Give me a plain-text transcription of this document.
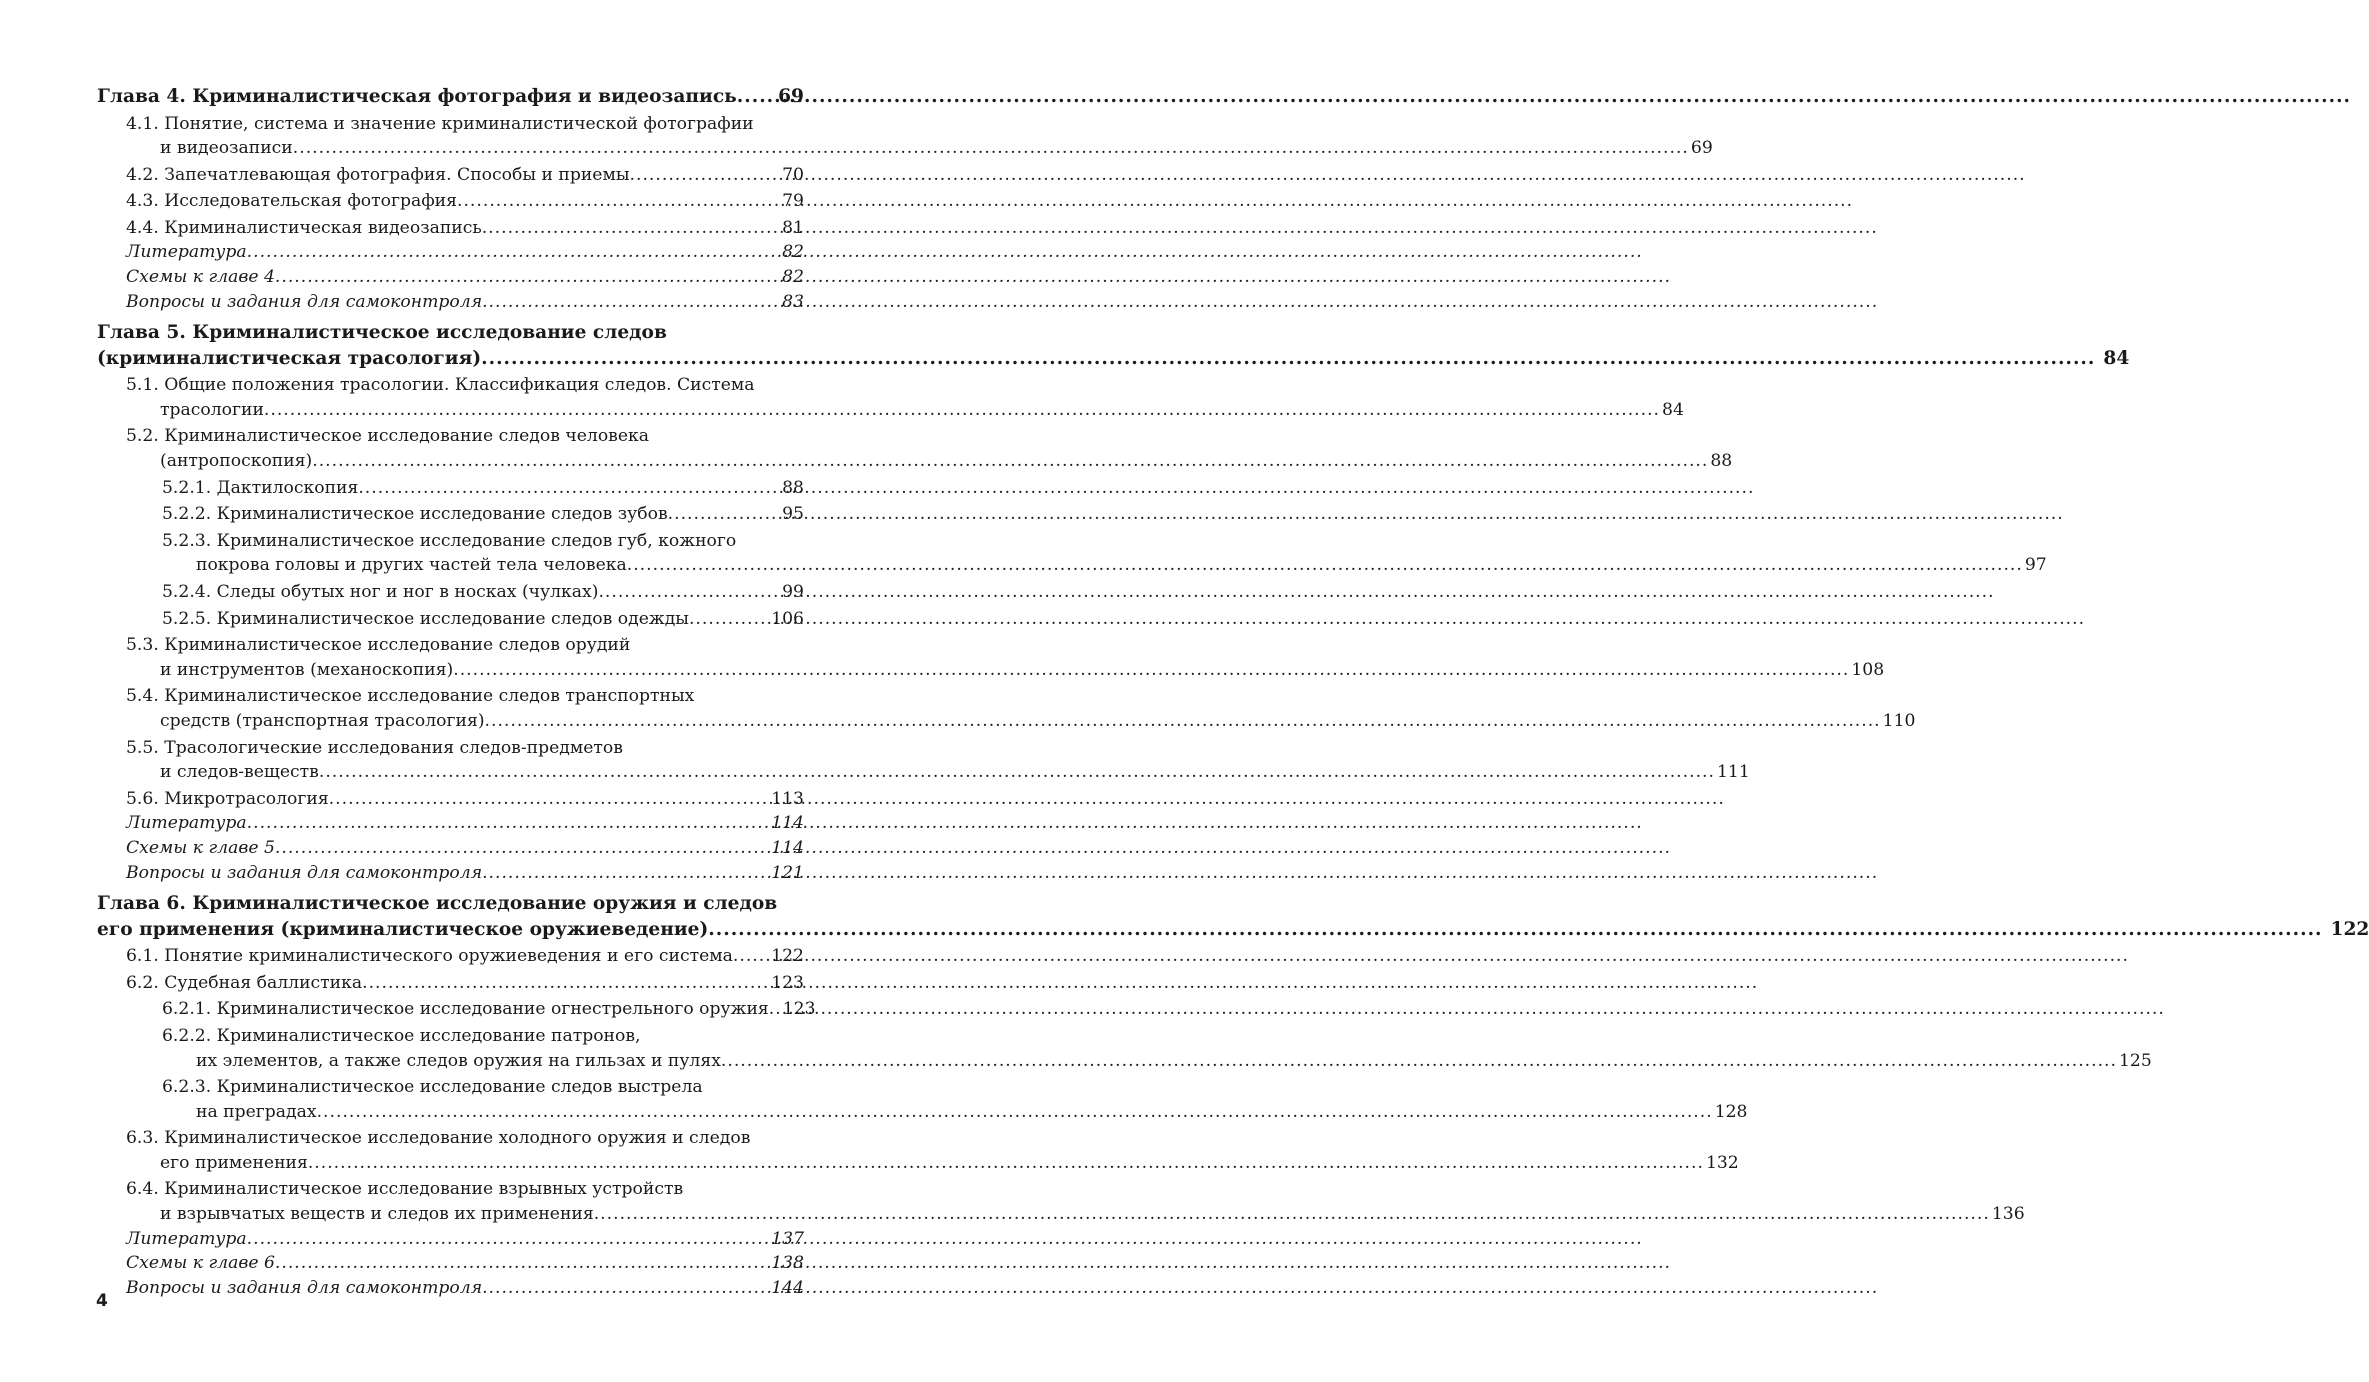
Глава 4. Криминалистическая фотография и видеозапись .....	69
4.1. Понятие, система и значение криминалистической фотографии
и видеозаписи .....	69
4.2. Запечатлевающая фотография. Способы и приемы .....	70
4.3. Исследовательская фотография .....	79
4.4. Криминалистическая видеозапись .....	81
Литература .....	82
Схемы к главе 4 .....	82
Вопросы и задания для самоконтроля .....	83
Глава 5. Криминалистическое исследование следов
(криминалистическая трасология) .....	84
5.1. Общие положения трасологии. Классификация следов. Система
трасологии .....	84
5.2. Криминалистическое исследование следов человека
(антропоскопия) .....	88
5.2.1. Дактилоскопия .....	88
5.2.2. Криминалистическое исследование следов зубов .....	95
5.2.3. Криминалистическое исследование следов губ, кожного
покрова головы и других частей тела человека .....	97
5.2.4. Следы обутых ног и ног в носках (чулках) .....	99
5.2.5. Криминалистическое исследование следов одежды .....	106
5.3. Криминалистическое исследование следов орудий
и инструментов (механоскопия) .....	108
5.4. Криминалистическое исследование следов транспортных
средств (транспортная трасология) .....	110
5.5. Трасологические исследования следов-предметов
и следов-веществ .....	111
5.6. Микротрасология .....	113
Литература .....	114
Схемы к главе 5 .....	114
Вопросы и задания для самоконтроля .....	121
Глава 6. Криминалистическое исследование оружия и следов
его применения (криминалистическое оружиеведение) .....	122
6.1. Понятие криминалистического оружиеведения и его система ..... 122
6.2. Судебная баллистика .....	123
6.2.1. Криминалистическое исследование огнестрельного оружия ..... 123
6.2.2. Криминалистическое исследование патронов,
их элементов, а также следов оружия на гильзах и пулях .....	125
6.2.3. Криминалистическое исследование следов выстрела
на преградах .....	128
6.3. Криминалистическое исследование холодного оружия и следов
его применения .....	132
6.4. Криминалистическое исследование взрывных устройств
и взрывчатых веществ и следов их применения .....	136
Литература .....	137
Схемы к главе 6 .....	138
Вопросы и задания для самоконтроля .....	144
4
